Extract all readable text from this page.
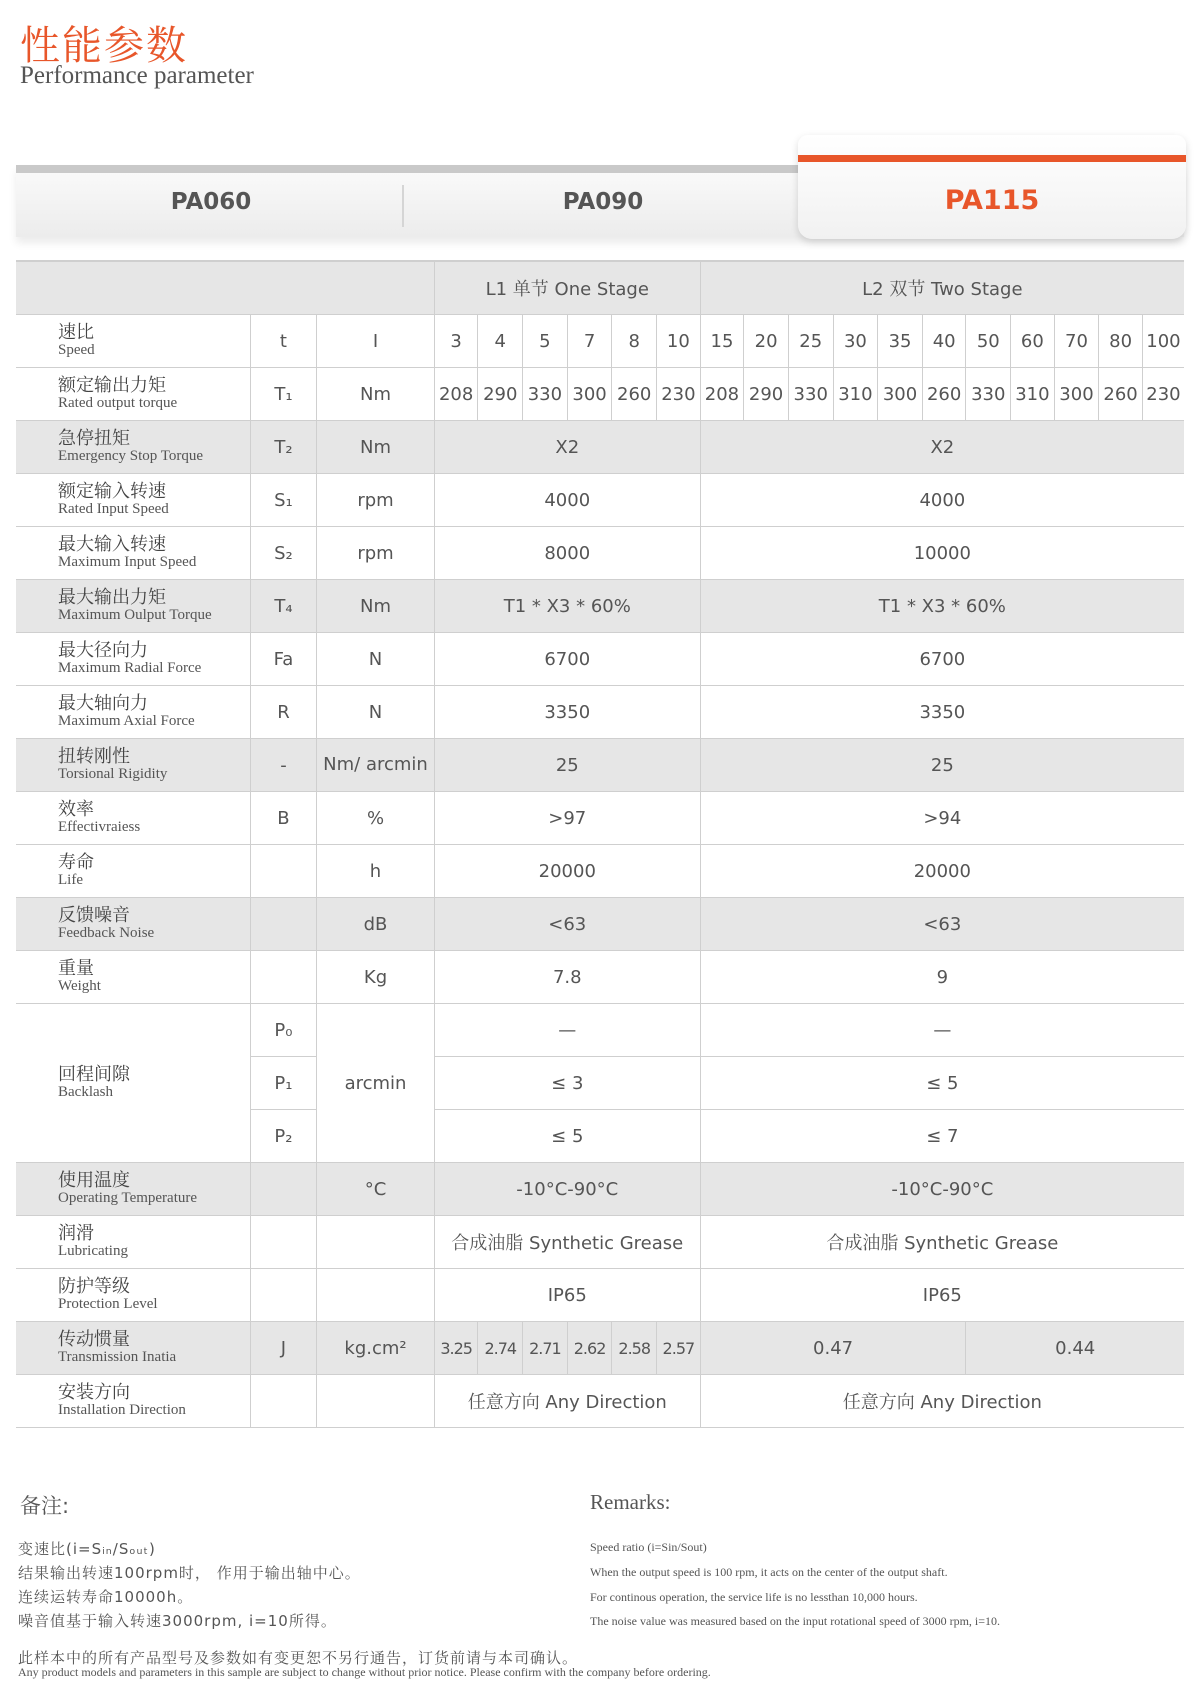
性能参数
Performance parameter
PA060	PA090	PA115
			L1 单节 One Stage						L2 双节 Two Stage										

速比
Speed	t	I	3	4	5	7	8	10	15	20	25	30	35	40	50	60	70	80	100

额定输出力矩
Rated output torque	T₁	Nm	208	290	330	300	260	230	208	290	330	310	300	260	330	310	300	260	230

急停扭矩
Emergency Stop Torque	T₂	Nm	X2						X2										

额定输入转速
Rated Input Speed	S₁	rpm	4000						4000										

最大输入转速
Maximum Input Speed	S₂	rpm	8000						10000										

最大输出力矩
Maximum Oulput Torque	T₄	Nm	T1 * X3 * 60%						T1 * X3 * 60%										

最大径向力
Maximum Radial Force	Fa	N	6700						6700										

最大轴向力
Maximum Axial Force	R	N	3350						3350										

扭转刚性
Torsional Rigidity	-	Nm/ arcmin	25						25										

效率
Effectivraiess	B	%	>97						>94										

寿命
Life		h	20000						20000										

反馈噪音
Feedback Noise		dB	<63						<63										

重量
Weight		Kg	7.8						9										

回程间隙
Backlash	P₀	arcmin	—						—										
	P₁		≤ 3						≤ 5										
	P₂		≤ 5						≤ 7										

使用温度
Operating Temperature		°C	-10°C-90°C						-10°C-90°C										

润滑
Lubricating			合成油脂 Synthetic Grease						合成油脂 Synthetic Grease										

防护等级
Protection Level			IP65						IP65										

传动惯量
Transmission Inatia	J	kg.cm²	3.25	2.74	2.71	2.62	2.58	2.57	0.47						0.44				

安装方向
Installation Direction			任意方向 Any Direction						任意方向 Any Direction										
备注:
变速比(i=Sᵢₙ/Sₒᵤₜ)
结果输出转速100rpm时， 作用于输出轴中心。
连续运转寿命10000h。
噪音值基于输入转速3000rpm, i=10所得。
Remarks:
Speed ratio (i=Sin/Sout)
When the output speed is 100 rpm, it acts on the center of the output shaft.
For continous operation, the service life is no lessthan 10,000 hours.
The noise value was measured based on the input rotational speed of 3000 rpm, i=10.
此样本中的所有产品型号及参数如有变更恕不另行通告，订货前请与本司确认。
Any product models and parameters in this sample are subject to change without prior notice. Please confirm with the company before ordering.
